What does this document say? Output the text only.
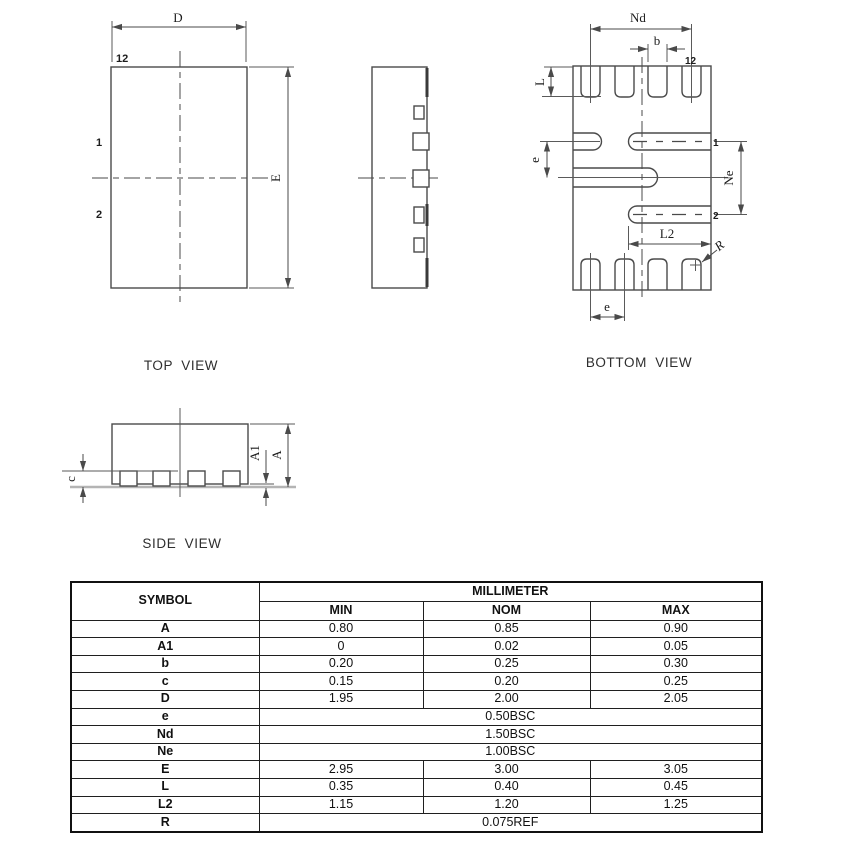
D
E
12
1
2
TOP VIEW
Nd
b
L
e
Ne
L2
R
e
12
1
2
BOTTOM VIEW
c
A1 A
SIDE VIEW
SYMBOL	MILLIMETER		
	MIN	NOM	MAX
A	0.80	0.85	0.90
A1	0	0.02	0.05
b	0.20	0.25	0.30
c	0.15	0.20	0.25
D	1.95	2.00	2.05
e	0.50BSC		
Nd	1.50BSC		
Ne	1.00BSC		
E	2.95	3.00	3.05
L	0.35	0.40	0.45
L2	1.15	1.20	1.25
R	0.075REF		
